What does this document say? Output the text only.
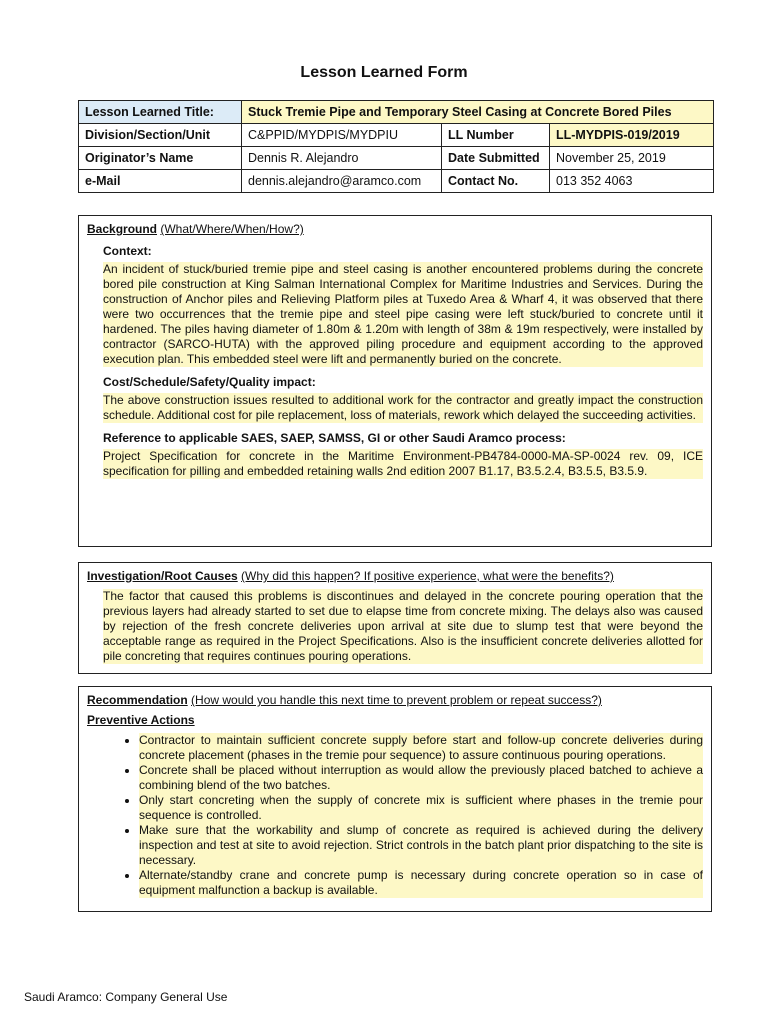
Lesson Learned Form
Lesson Learned Title:	Stuck Tremie Pipe and Temporary Steel Casing at Concrete Bored Piles		
Division/Section/Unit	C&PPID/MYDPIS/MYDPIU	LL Number	LL-MYDPIS-019/2019
Originator’s Name	Dennis R. Alejandro	Date Submitted	November 25, 2019
e-Mail	dennis.alejandro@aramco.com	Contact No.	013 352 4063
Background (What/Where/When/How?)
Context:
An incident of stuck/buried tremie pipe and steel casing is another encountered problems during the concrete bored pile construction at King Salman International Complex for Maritime Industries and Services. During the construction of Anchor piles and Relieving Platform piles at Tuxedo Area & Wharf 4, it was observed that there were two occurrences that the tremie pipe and steel pipe casing were left stuck/buried to concrete until it hardened. The piles having diameter of 1.80m & 1.20m with length of 38m & 19m respectively, were installed by contractor (SARCO-HUTA) with the approved piling procedure and equipment according to the approved execution plan. This embedded steel were lift and permanently buried on the concrete.
Cost/Schedule/Safety/Quality impact:
The above construction issues resulted to additional work for the contractor and greatly impact the construction schedule. Additional cost for pile replacement, loss of materials, rework which delayed the succeeding activities.
Reference to applicable SAES, SAEP, SAMSS, GI or other Saudi Aramco process:
Project Specification for concrete in the Maritime Environment-PB4784-0000-MA-SP-0024 rev. 09, ICE specification for pilling and embedded retaining walls 2nd edition 2007 B1.17, B3.5.2.4, B3.5.5, B3.5.9.
Investigation/Root Causes (Why did this happen? If positive experience, what were the benefits?)
The factor that caused this problems is discontinues and delayed in the concrete pouring operation that the previous layers had already started to set due to elapse time from concrete mixing. The delays also was caused by rejection of the fresh concrete deliveries upon arrival at site due to slump test that were beyond the acceptable range as required in the Project Specifications. Also is the insufficient concrete deliveries allotted for pile concreting that requires continues pouring operations.
Recommendation (How would you handle this next time to prevent problem or repeat success?)
Preventive Actions
• Contractor to maintain sufficient concrete supply before start and follow-up concrete deliveries during concrete placement (phases in the tremie pour sequence) to assure continuous pouring operations.
• Concrete shall be placed without interruption as would allow the previously placed batched to achieve a combining blend of the two batches.
• Only start concreting when the supply of concrete mix is sufficient where phases in the tremie pour sequence is controlled.
• Make sure that the workability and slump of concrete as required is achieved during the delivery inspection and test at site to avoid rejection. Strict controls in the batch plant prior dispatching to the site is necessary.
• Alternate/standby crane and concrete pump is necessary during concrete operation so in case of equipment malfunction a backup is available.
Saudi Aramco: Company General Use
